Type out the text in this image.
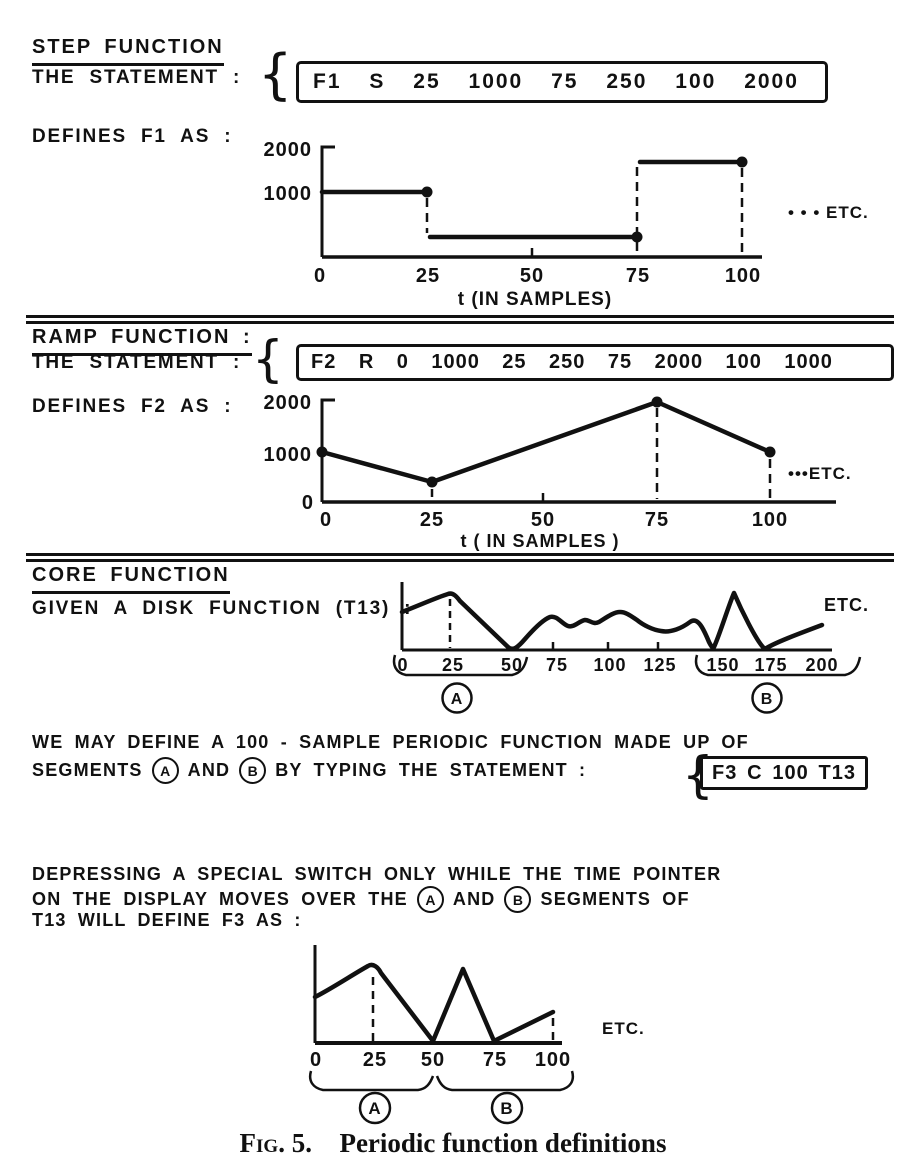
STEP FUNCTION
THE STATEMENT : { F1 S 25 1000 75 250 100 2000
DEFINES F1 AS :
2000
1000
0	25	50	75	100
t (IN SAMPLES)
• • • ETC.
RAMP FUNCTION :
THE STATEMENT : { F2 R 0 1000 25 250 75 2000 100 1000
DEFINES F2 AS : 2000
1000
0
0	25	50	75	100
t ( IN SAMPLES )
•••ETC.
CORE FUNCTION
GIVEN A DISK FUNCTION (T13) :
0 25 50 75 100 125 150 175 200
A	B
ETC.
WE MAY DEFINE A 100 - SAMPLE PERIODIC FUNCTION MADE UP OF
SEGMENTS	A AND	B BY TYPING THE STATEMENT : {
F3 C 100 T13
DEPRESSING A SPECIAL SWITCH ONLY WHILE THE TIME POINTER
ON THE DISPLAY MOVES OVER THE	A AND	B SEGMENTS OF
T13 WILL DEFINE F3 AS :
0 25 50 75 100
A	B
ETC.
Fig. 5. Periodic function definitions
